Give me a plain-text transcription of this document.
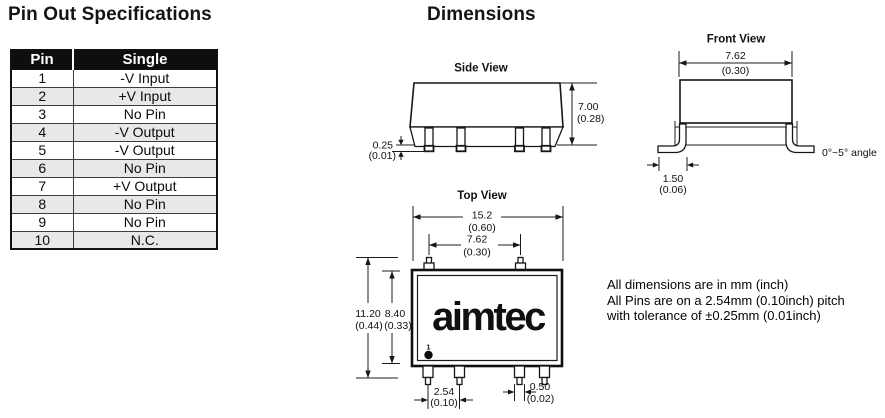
Pin Out Specifications	Dimensions
Pin	Single
1	-V Input
2	+V Input
3	No Pin
4	-V Output
5	-V Output
6	No Pin
7	+V Output
8	No Pin
9	No Pin
10	N.C.
Side View
7.00
(0.28)
0.25
(0.01)
Front View
7.62
(0.30)
0°~5° angle
1.50
(0.06)
Top View
15.2
(0.60)
7.62
(0.30)
aimtec
1
11.20 8.40
(0.44) (0.33)
2.54
(0.10)
0.50
(0.02)
All dimensions are in mm (inch)
All Pins are on a 2.54mm (0.10inch) pitch
with tolerance of ±0.25mm (0.01inch)
